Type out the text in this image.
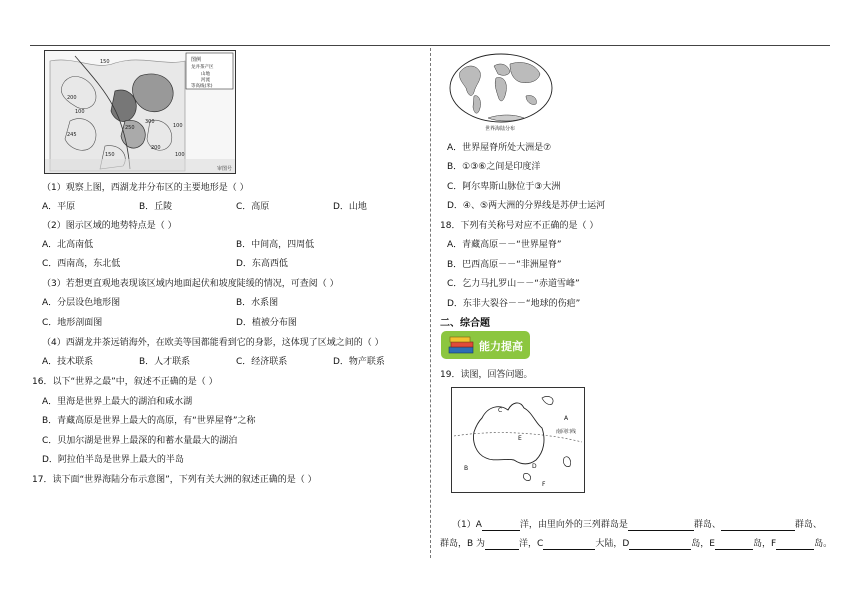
图例
龙井茶产区
山地
河流
等高线(米)
150
200
100
245
300
250	100
150
200
100
审图号
（1）观察上图，西湖龙井分布区的主要地形是（ ）
A．平原	B．丘陵	C．高原	D．山地
（2）图示区域的地势特点是（ ）
A．北高南低	B．中间高，四周低
C．西南高，东北低	D．东高西低
（3）若想更直观地表现该区域内地面起伏和坡度陡缓的情况，可查阅（ ）
A．分层设色地形图	B．水系图
C．地形剖面图	D．植被分布图
（4）西湖龙井茶远销海外，在欧美等国都能看到它的身影，这体现了区域之间的（ ）
A．技术联系	B．人才联系	C．经济联系	D．物产联系
16．以下“世界之最”中，叙述不正确的是（ ）
A．里海是世界上最大的湖泊和咸水湖
B．青藏高原是世界上最大的高原，有“世界屋脊”之称
C．贝加尔湖是世界上最深的和蓄水量最大的湖泊
D．阿拉伯半岛是世界上最大的半岛
17．读下面“世界海陆分布示意图”，下列有关大洲的叙述正确的是（ ）
世界海陆分布
A．世界屋脊所处大洲是⑦
B．①③⑥之间是印度洋
C．阿尔卑斯山脉位于③大洲
D．④、⑤两大洲的分界线是苏伊士运河
18．下列有关称号对应不正确的是（ ）
A．青藏高原－－“世界屋脊”
B．巴西高原－－“非洲屋脊”
C．乞力马扎罗山－－“赤道雪峰”
D．东非大裂谷－－“地球的伤疤”
二、综合题
能力提高
19．读图，回答问题。
C
A
E
B	D
F
南回归线
（1）A	洋，由里向外的三列群岛是	群岛、	群岛、
群岛，B 为	洋，C	大陆，D	岛，E	岛，F	岛。
